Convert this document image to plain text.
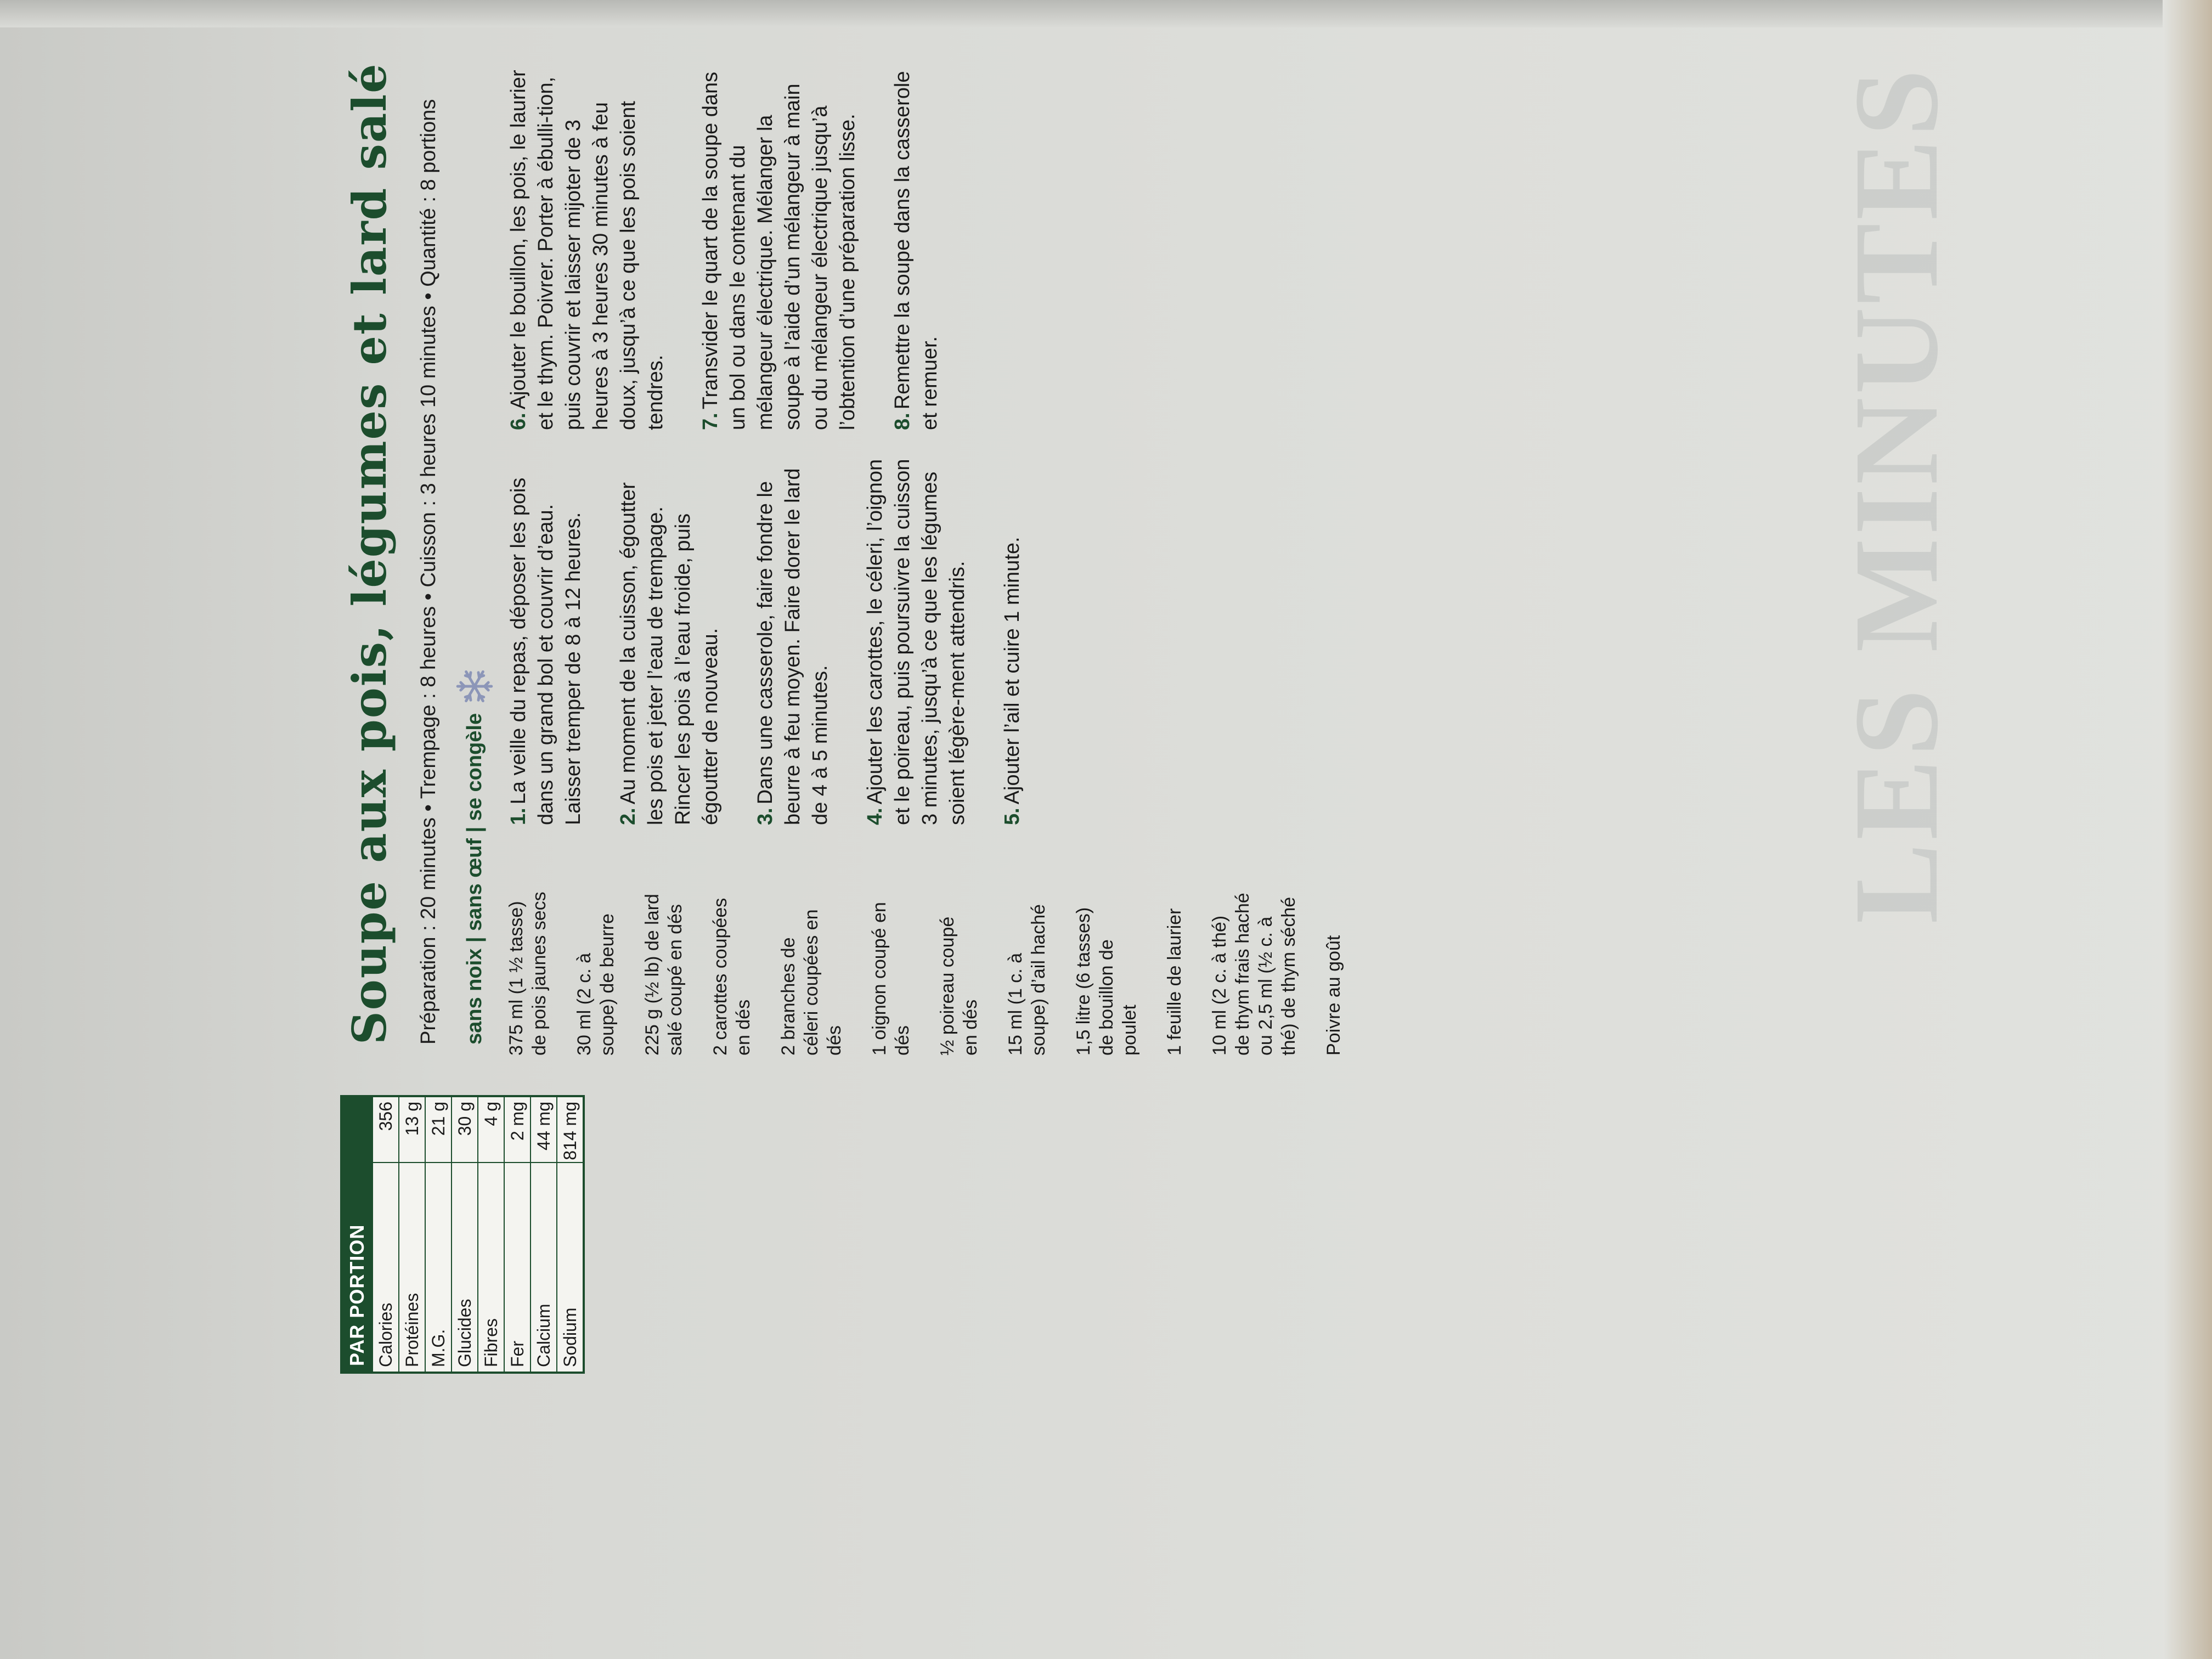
LES MINUTES
PAR PORTION Calories
356
Protéines
13 g
M.G.
21 g
Glucides
30 g
Fibres
4 g
Fer
2 mg
Calcium
44 mg
Sodium
814 mg
Soupe aux pois, légumes et lard salé Préparation : 20 minutes • Trempage : 8 heures • Cuisson : 3 heures 10 minutes • Quantité : 8 portions sans noix | sans œuf | se congèle 375 ml (1 ½ tasse) de pois jaunes secs 30 ml (2 c. à soupe) de beurre 225 g (½ lb) de lard salé coupé en dés 2 carottes coupées en dés 2 branches de céleri coupées en dés 1 oignon coupé en dés ½ poireau coupé en dés 15 ml (1 c. à soupe) d’ail haché 1,5 litre (6 tasses) de bouillon de poulet 1 feuille de laurier 10 ml (2 c. à thé) de thym frais haché ou 2,5 ml (½ c. à thé) de thym séché Poivre au goût
1.La veille du repas, déposer les pois dans un grand bol et couvrir d’eau. Laisser tremper de 8 à 12 heures. 2.Au moment de la cuisson, égoutter les pois et jeter l’eau de trempage. Rincer les pois à l’eau froide, puis égoutter de nouveau. 3.Dans une casserole, faire fondre le beurre à feu moyen. Faire dorer le lard de 4 à 5 minutes. 4.Ajouter les carottes, le céleri, l’oignon et le poireau, puis poursuivre la cuisson 3 minutes, jusqu’à ce que les légumes soient légère-ment attendris. 5.Ajouter l’ail et cuire 1 minute.
6.Ajouter le bouillon, les pois, le laurier et le thym. Poivrer. Porter à ébulli-tion, puis couvrir et laisser mijoter de 3 heures à 3 heures 30 minutes à feu doux, jusqu’à ce que les pois soient tendres. 7.Transvider le quart de la soupe dans un bol ou dans le contenant du mélangeur électrique. Mélanger la soupe à l’aide d’un mélangeur à main ou du mélangeur électrique jusqu’à l’obtention d’une préparation lisse. 8.Remettre la soupe dans la casserole et remuer.
